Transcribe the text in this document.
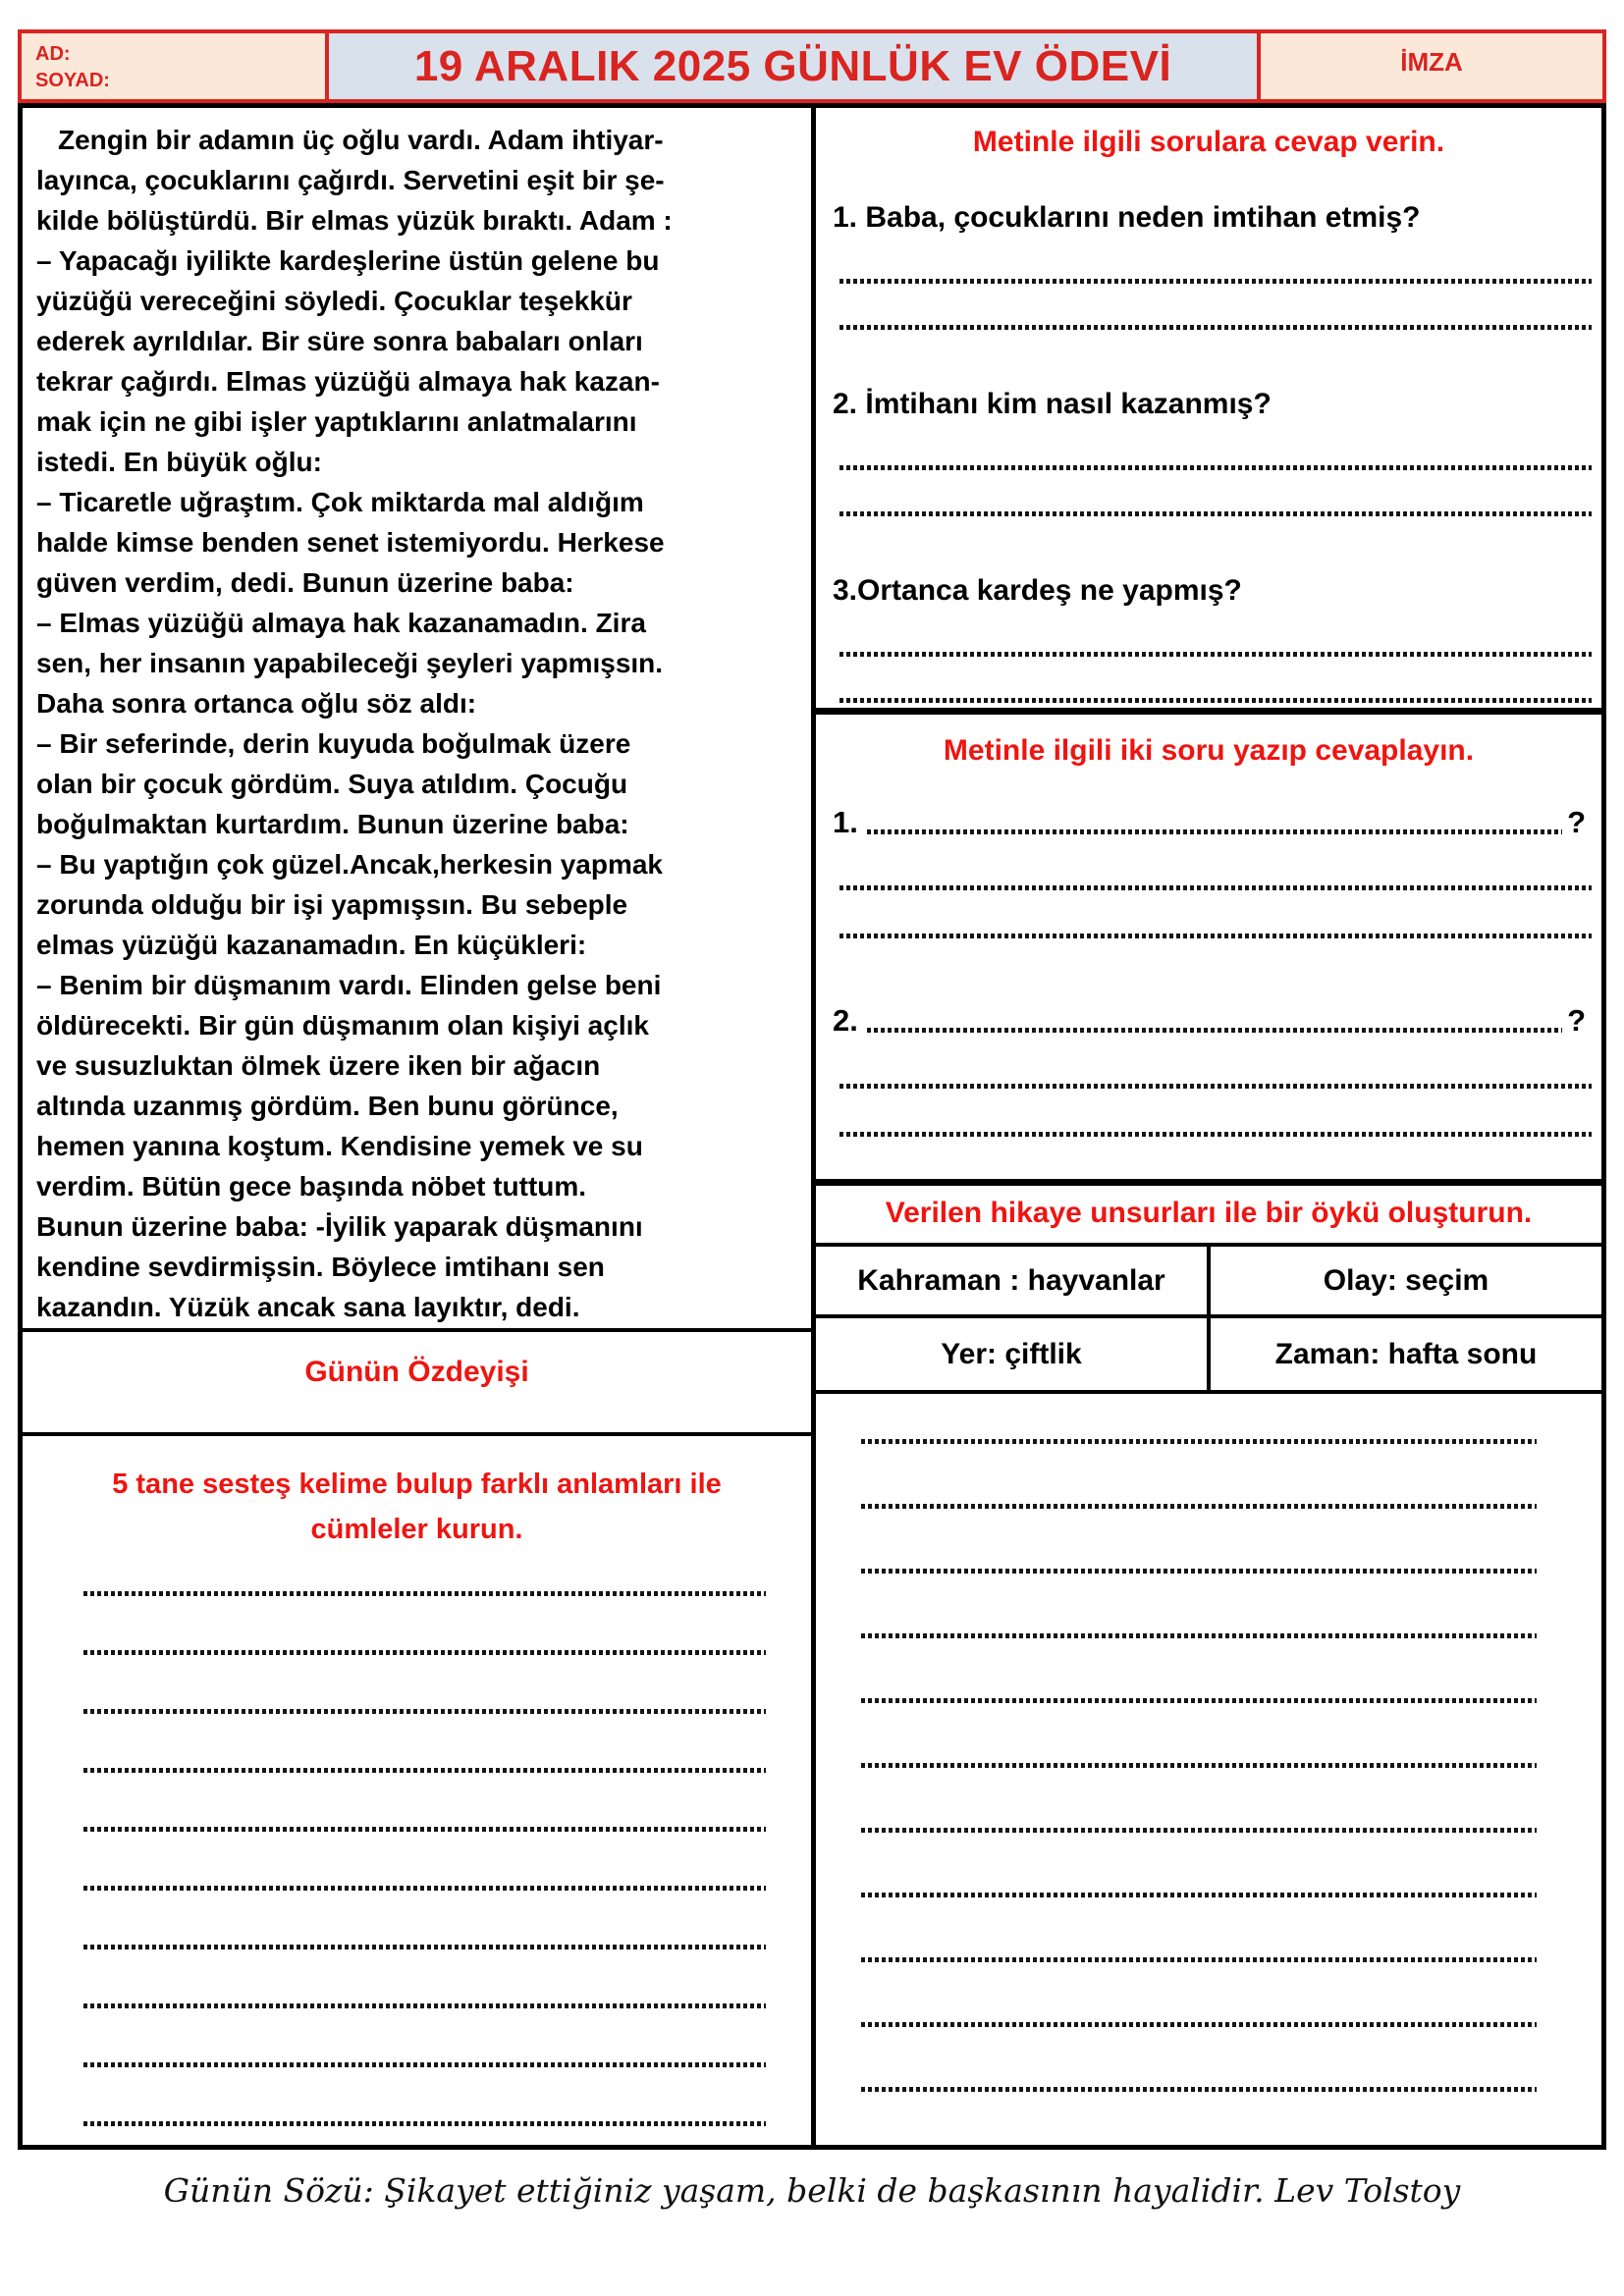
AD:
SOYAD:	19 ARALIK 2025 GÜNLÜK EV ÖDEVİ	İMZA
Zengin bir adamın üç oğlu vardı. Adam ihtiyar-
layınca, çocuklarını çağırdı. Servetini eşit bir şe-
kilde bölüştürdü. Bir elmas yüzük bıraktı. Adam :
– Yapacağı iyilikte kardeşlerine üstün gelene bu
yüzüğü vereceğini söyledi. Çocuklar teşekkür
ederek ayrıldılar. Bir süre sonra babaları onları
tekrar çağırdı. Elmas yüzüğü almaya hak kazan-
mak için ne gibi işler yaptıklarını anlatmalarını
istedi. En büyük oğlu:
– Ticaretle uğraştım. Çok miktarda mal aldığım
halde kimse benden senet istemiyordu. Herkese
güven verdim, dedi. Bunun üzerine baba:
– Elmas yüzüğü almaya hak kazanamadın. Zira
sen, her insanın yapabileceği şeyleri yapmışsın.
Daha sonra ortanca oğlu söz aldı:
– Bir seferinde, derin kuyuda boğulmak üzere
olan bir çocuk gördüm. Suya atıldım. Çocuğu
boğulmaktan kurtardım. Bunun üzerine baba:
– Bu yaptığın çok güzel.Ancak,herkesin yapmak
zorunda olduğu bir işi yapmışsın. Bu sebeple
elmas yüzüğü kazanamadın. En küçükleri:
– Benim bir düşmanım vardı. Elinden gelse beni
öldürecekti. Bir gün düşmanım olan kişiyi açlık
ve susuzluktan ölmek üzere iken bir ağacın
altında uzanmış gördüm. Ben bunu görünce,
hemen yanına koştum. Kendisine yemek ve su
verdim. Bütün gece başında nöbet tuttum.
Bunun üzerine baba: -İyilik yaparak düşmanını
kendine sevdirmişsin. Böylece imtihanı sen
kazandın. Yüzük ancak sana layıktır, dedi.
Günün Özdeyişi
5 tane sesteş kelime bulup farklı anlamları ile cümleler kurun.
Metinle ilgili sorulara cevap verin.
1. Baba, çocuklarını neden imtihan etmiş?
2. İmtihanı kim nasıl kazanmış?
3.Ortanca kardeş ne yapmış?
Metinle ilgili iki soru yazıp cevaplayın.
1.	?
2.	?
Verilen hikaye unsurları ile bir öykü oluşturun.
Kahraman : hayvanlar	Olay: seçim
Yer: çiftlik	Zaman: hafta sonu
Günün Sözü: Şikayet ettiğiniz yaşam, belki de başkasının hayalidir. Lev Tolstoy
